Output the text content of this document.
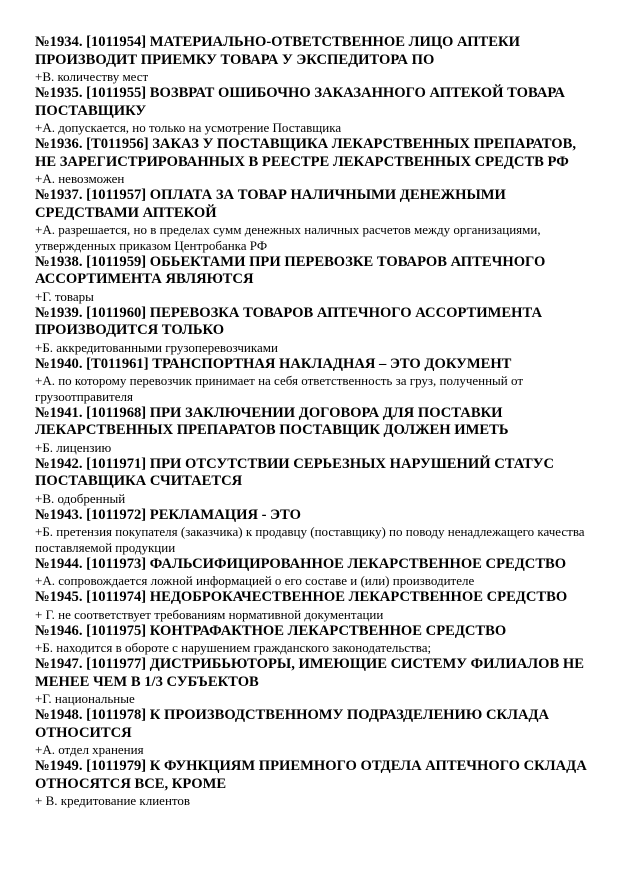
№1934. [1011954] МАТЕРИАЛЬНО-ОТВЕТСТВЕННОЕ ЛИЦО АПТЕКИ ПРОИЗВОДИТ ПРИЕМКУ ТОВАРА У ЭКСПЕДИТОРА ПО

+В. количеству мест

№1935. [1011955] ВОЗВРАТ ОШИБОЧНО ЗАКАЗАННОГО АПТЕКОЙ ТОВАРА ПОСТАВЩИКУ

+А. допускается, но только на усмотрение Поставщика

№1936. [Т011956] ЗАКАЗ У ПОСТАВЩИКА ЛЕКАРСТВЕННЫХ ПРЕПАРАТОВ, НЕ ЗАРЕГИСТРИРОВАННЫХ В РЕЕСТРЕ ЛЕКАРСТВЕННЫХ СРЕДСТВ РФ

+А. невозможен

№1937. [1011957] ОПЛАТА ЗА ТОВАР НАЛИЧНЫМИ ДЕНЕЖНЫМИ СРЕДСТВАМИ АПТЕКОЙ

+А. разрешается, но в пределах сумм денежных наличных расчетов между организациями, утвержденных приказом Центробанка РФ

№1938. [1011959] ОБЬЕКТАМИ ПРИ ПЕРЕВОЗКЕ ТОВАРОВ АПТЕЧНОГО АССОРТИМЕНТА ЯВЛЯЮТСЯ

+Г. товары

№1939. [1011960] ПЕРЕВОЗКА ТОВАРОВ АПТЕЧНОГО АССОРТИМЕНТА ПРОИЗВОДИТСЯ ТОЛЬКО

+Б. аккредитованными грузоперевозчиками

№1940. [Т011961] ТРАНСПОРТНАЯ НАКЛАДНАЯ – ЭТО ДОКУМЕНТ

+А. по которому перевозчик принимает на себя ответственность за груз, полученный от грузоотправителя

№1941. [1011968] ПРИ ЗАКЛЮЧЕНИИ ДОГОВОРА ДЛЯ ПОСТАВКИ ЛЕКАРСТВЕННЫХ ПРЕПАРАТОВ ПОСТАВЩИК ДОЛЖЕН ИМЕТЬ

+Б. лицензию

№1942. [1011971] ПРИ ОТСУТСТВИИ СЕРЬЕЗНЫХ НАРУШЕНИЙ СТАТУС ПОСТАВЩИКА СЧИТАЕТСЯ

+В. одобренный

№1943. [1011972] РЕКЛАМАЦИЯ - ЭТО

+Б. претензия покупателя (заказчика) к продавцу (поставщику) по поводу ненадлежащего качества поставляемой продукции

№1944. [1011973] ФАЛЬСИФИЦИРОВАННОЕ ЛЕКАРСТВЕННОЕ СРЕДСТВО

+А. сопровождается ложной информацией о его составе и (или) производителе

№1945. [1011974] НЕДОБРОКАЧЕСТВЕННОЕ ЛЕКАРСТВЕННОЕ СРЕДСТВО

+ Г. не соответствует требованиям нормативной документации

№1946. [1011975] КОНТРАФАКТНОЕ ЛЕКАРСТВЕННОЕ СРЕДСТВО

+Б. находится в обороте с нарушением гражданского законодательства;

№1947. [1011977] ДИСТРИБЬЮТОРЫ, ИМЕЮЩИЕ СИСТЕМУ ФИЛИАЛОВ НЕ МЕНЕЕ ЧЕМ В 1/3 СУБЪЕКТОВ

+Г. национальные

№1948. [1011978] К ПРОИЗВОДСТВЕННОМУ ПОДРАЗДЕЛЕНИЮ СКЛАДА ОТНОСИТСЯ

+А. отдел хранения

№1949. [1011979] К ФУНКЦИЯМ ПРИЕМНОГО ОТДЕЛА АПТЕЧНОГО СКЛАДА ОТНОСЯТСЯ ВСЕ, КРОМЕ

+ В. кредитование клиентов
